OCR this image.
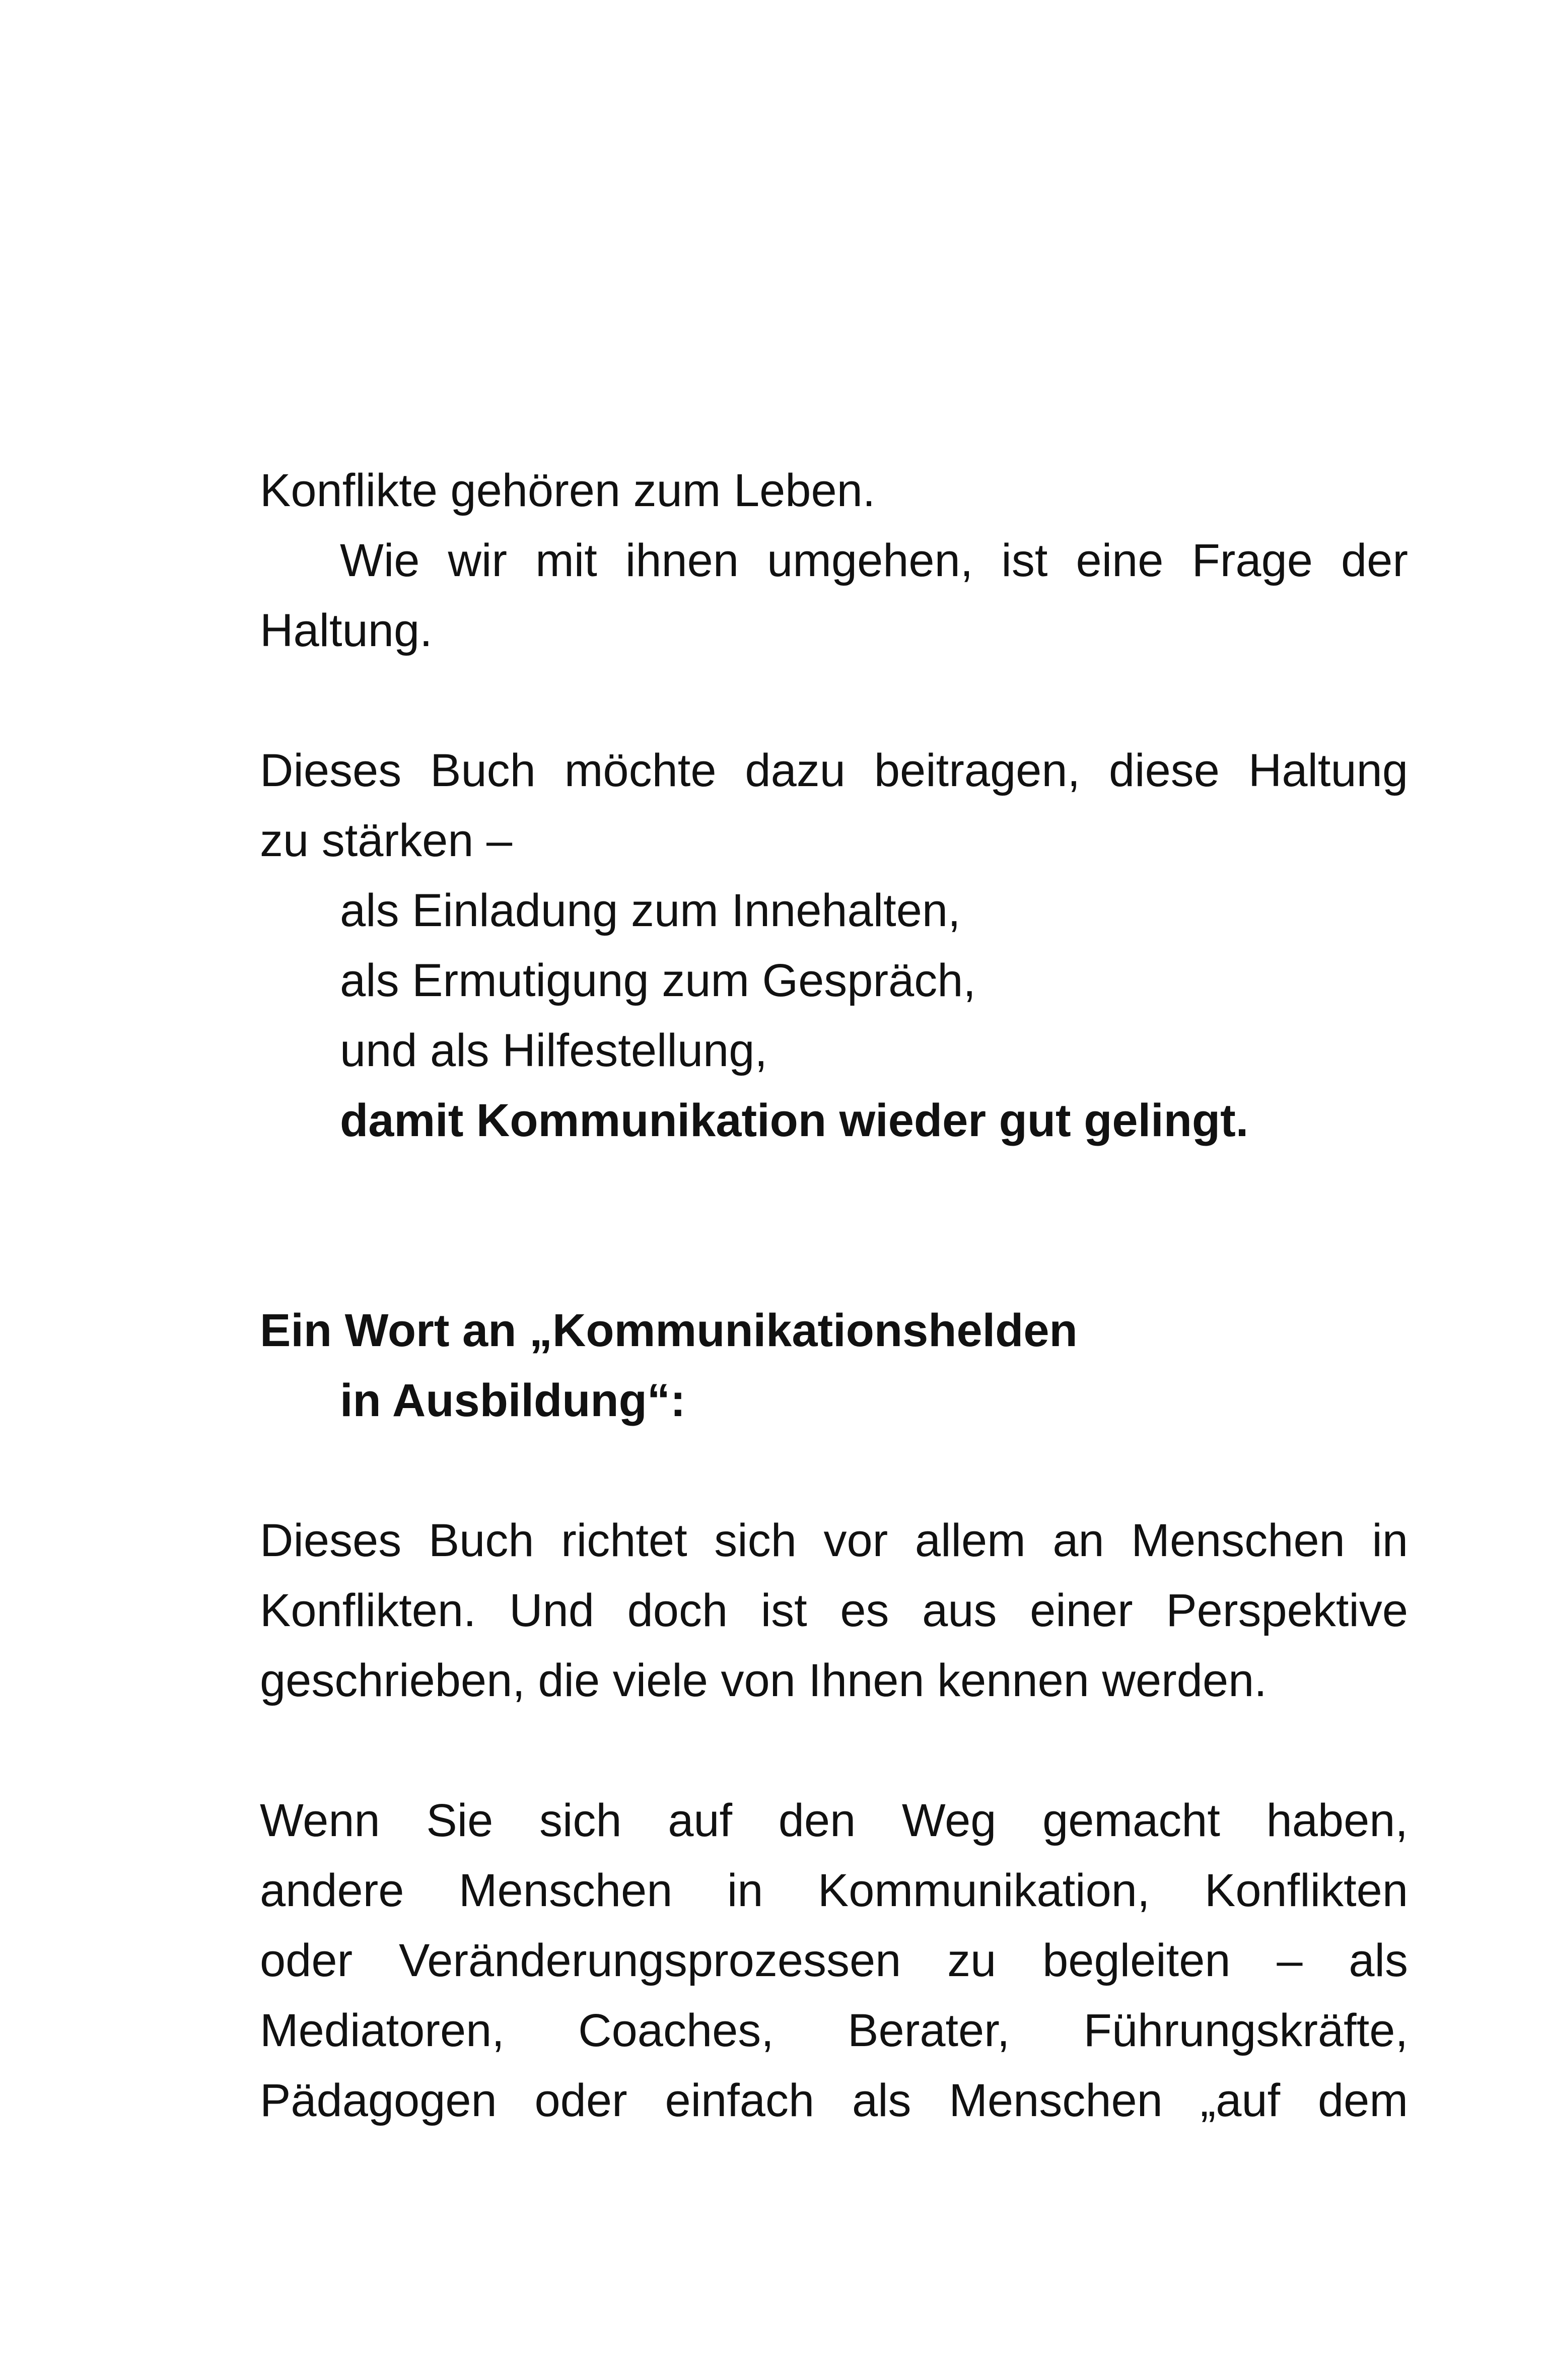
Konflikte gehören zum Leben.
Wie wir mit ihnen umgehen, ist eine Frage der
Haltung.
Dieses Buch möchte dazu beitragen, diese Haltung
zu stärken –
als Einladung zum Innehalten,
als Ermutigung zum Gespräch,
und als Hilfestellung,
damit Kommunikation wieder gut gelingt.
Ein Wort an „Kommunikationshelden
in Ausbildung“:
Dieses Buch richtet sich vor allem an Menschen in
Konflikten. Und doch ist es aus einer Perspektive
geschrieben, die viele von Ihnen kennen werden.
Wenn Sie sich auf den Weg gemacht haben,
andere Menschen in Kommunikation, Konflikten
oder Veränderungsprozessen zu begleiten – als
Mediatoren, Coaches, Berater, Führungskräfte,
Pädagogen oder einfach als Menschen „auf dem
